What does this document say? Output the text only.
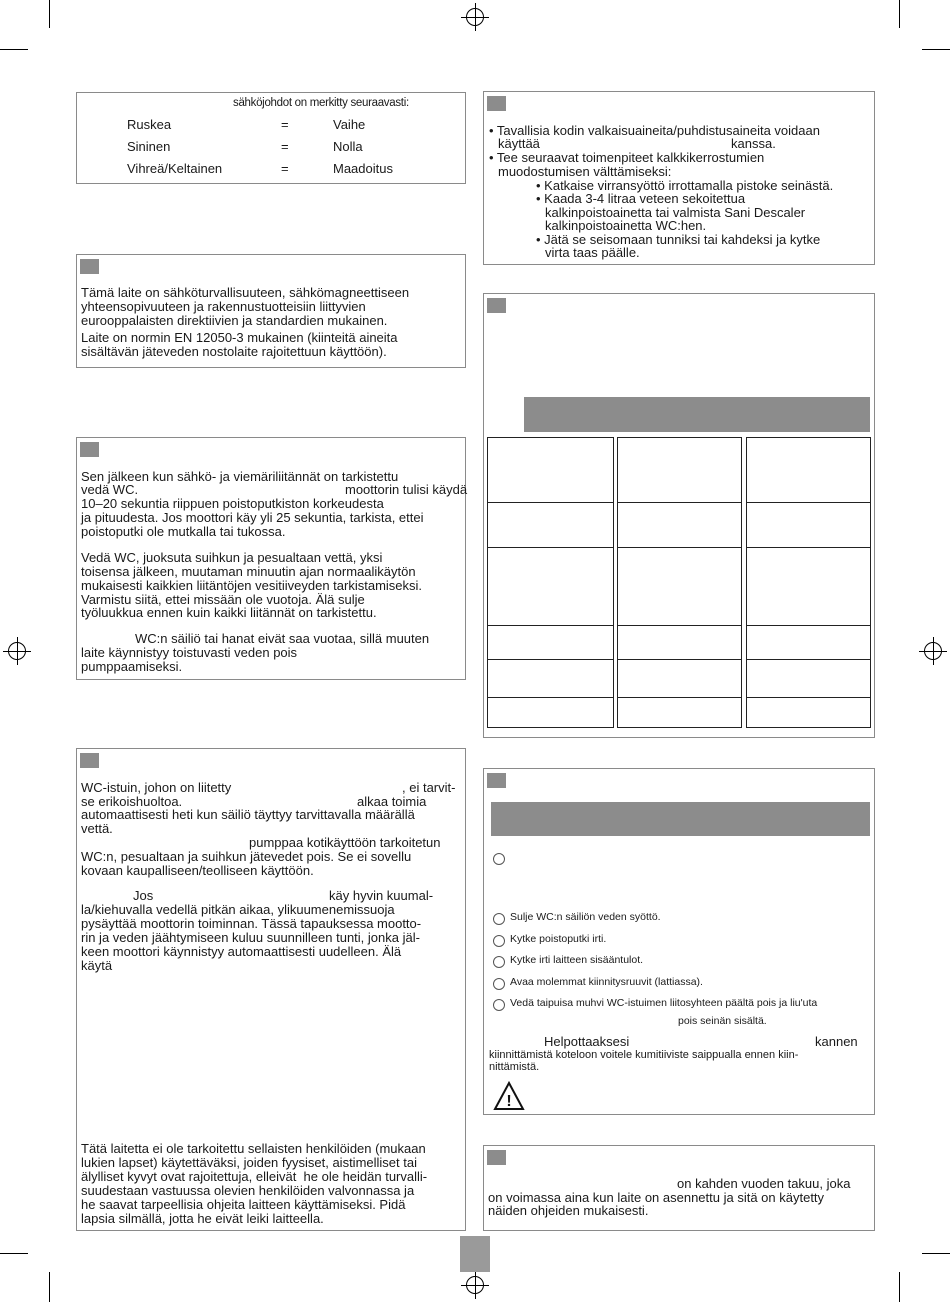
sähköjohdot on merkitty seuraavasti:
Ruskea	=	Vaihe
Sininen	=	Nolla
Vihreä/Keltainen	=	Maadoitus
Tämä laite on sähköturvallisuuteen, sähkömagneettiseen
yhteensopivuuteen ja rakennustuotteisiin liittyvien
eurooppalaisten direktiivien ja standardien mukainen.
Laite on normin EN 12050-3 mukainen (kiinteitä aineita
sisältävän jäteveden nostolaite rajoitettuun käyttöön).
Sen jälkeen kun sähkö- ja viemäriliitännät on tarkistettu
vedä WC.	moottorin tulisi käydä
10–20 sekuntia riippuen poistoputkiston korkeudesta
ja pituudesta. Jos moottori käy yli 25 sekuntia, tarkista, ettei
poistoputki ole mutkalla tai tukossa.
Vedä WC, juoksuta suihkun ja pesualtaan vettä, yksi
toisensa jälkeen, muutaman minuutin ajan normaalikäytön
mukaisesti kaikkien liitäntöjen vesitiiveyden tarkistamiseksi.
Varmistu siitä, ettei missään ole vuotoja. Älä sulje
työluukkua ennen kuin kaikki liitännät on tarkistettu.
WC:n säiliö tai hanat eivät saa vuotaa, sillä muuten
laite käynnistyy toistuvasti veden pois
pumppaamiseksi.
WC-istuin, johon on liitetty	, ei tarvit-
se erikoishuoltoa.	alkaa toimia
automaattisesti heti kun säiliö täyttyy tarvittavalla määrällä
vettä.
pumppaa kotikäyttöön tarkoitetun
WC:n, pesualtaan ja suihkun jätevedet pois. Se ei sovellu
kovaan kaupalliseen/teolliseen käyttöön.
Jos	käy hyvin kuumal-
la/kiehuvalla vedellä pitkän aikaa, ylikuumenemissuoja
pysäyttää moottorin toiminnan. Tässä tapauksessa mootto-
rin ja veden jäähtymiseen kuluu suunnilleen tunti, jonka jäl-
keen moottori käynnistyy automaattisesti uudelleen. Älä
käytä
Tätä laitetta ei ole tarkoitettu sellaisten henkilöiden (mukaan
lukien lapset) käytettäväksi, joiden fyysiset, aistimelliset tai
älylliset kyvyt ovat rajoitettuja, elleivät  he ole heidän turvalli-
suudestaan vastuussa olevien henkilöiden valvonnassa ja
he saavat tarpeellisia ohjeita laitteen käyttämiseksi. Pidä
lapsia silmällä, jotta he eivät leiki laitteella.
• Tavallisia kodin valkaisuaineita/puhdistusaineita voidaan
käyttää	kanssa.
• Tee seuraavat toimenpiteet kalkkikerrostumien
muodostumisen välttämiseksi:
• Katkaise virransyöttö irrottamalla pistoke seinästä.
• Kaada 3-4 litraa veteen sekoitettua
kalkinpoistoainetta tai valmista Sani Descaler
kalkinpoistoainetta WC:hen.
• Jätä se seisomaan tunniksi tai kahdeksi ja kytke
virta taas päälle.
Sulje WC:n säiliön veden syöttö.
Kytke poistoputki irti.
Kytke irti laitteen sisääntulot.
Avaa molemmat kiinnitysruuvit (lattiassa).
Vedä taipuisa muhvi WC-istuimen liitosyhteen päältä pois ja liu'uta
pois seinän sisältä.
Helpottaaksesi	kannen
kiinnittämistä koteloon voitele kumitiiviste saippualla ennen kiin-
nittämistä.
!
on kahden vuoden takuu, joka
on voimassa aina kun laite on asennettu ja sitä on käytetty
näiden ohjeiden mukaisesti.
